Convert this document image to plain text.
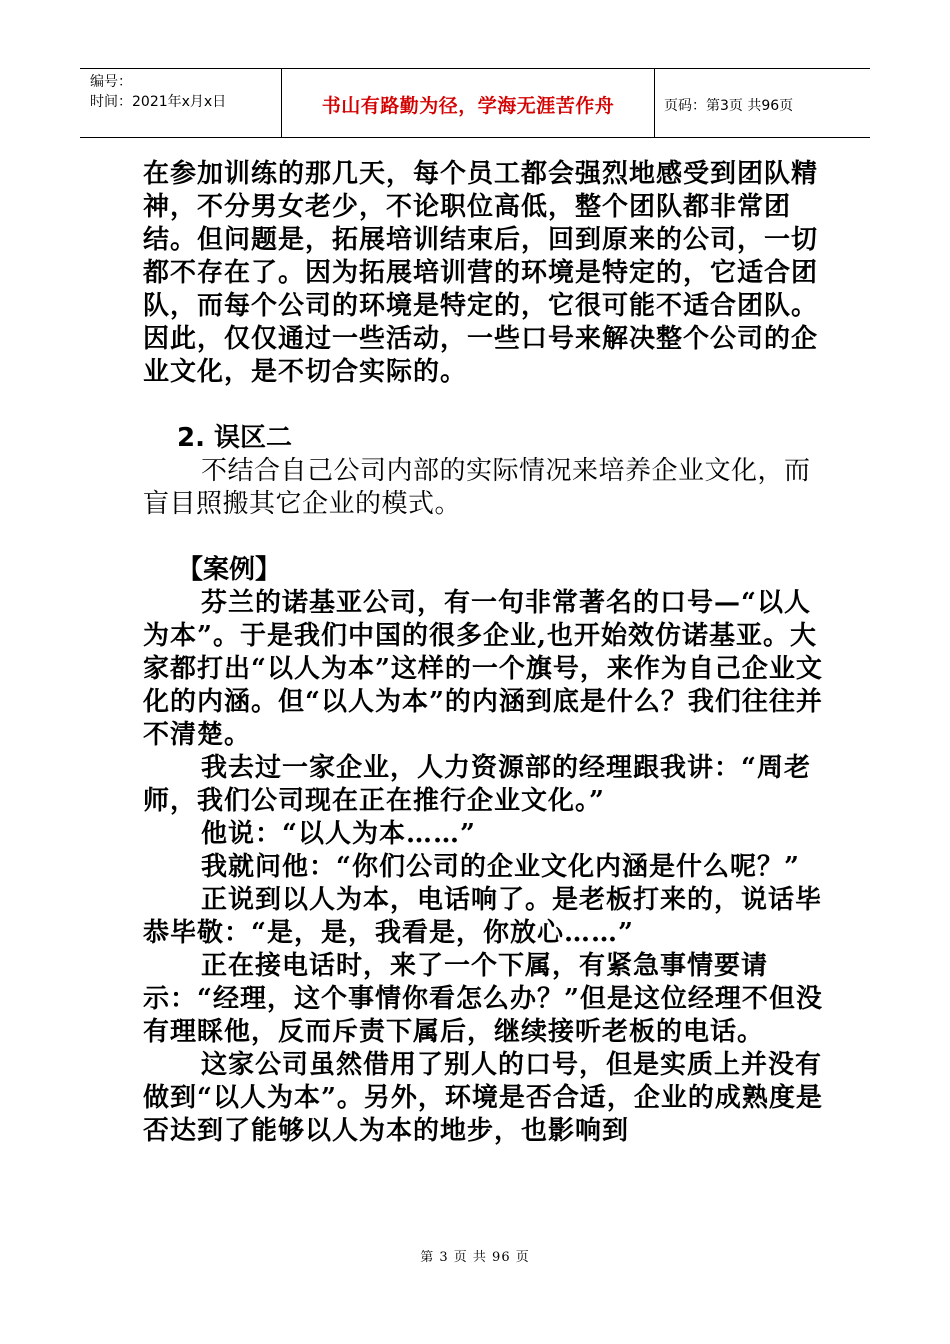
编号：
时间：2021年x月x日	书山有路勤为径，学海无涯苦作舟	页码：第3页 共96页

在参加训练的那几天，每个员工都会强烈地感受到团队精神，不分男女老少，不论职位高低，整个团队都非常团结。但问题是，拓展培训结束后，回到原来的公司，一切都不存在了。因为拓展培训营的环境是特定的，它适合团队，而每个公司的环境是特定的，它很可能不适合团队。因此，仅仅通过一些活动，一些口号来解决整个公司的企业文化，是不切合实际的。

2. 误区二

不结合自己公司内部的实际情况来培养企业文化，而盲目照搬其它企业的模式。

【案例】

芬兰的诺基亚公司，有一句非常著名的口号—“以人为本”。于是我们中国的很多企业,也开始效仿诺基亚。大家都打出“以人为本”这样的一个旗号，来作为自己企业文化的内涵。但“以人为本”的内涵到底是什么？我们往往并不清楚。

我去过一家企业，人力资源部的经理跟我讲：“周老师，我们公司现在正在推行企业文化。”

他说：“以人为本……”

我就问他：“你们公司的企业文化内涵是什么呢？”

正说到以人为本，电话响了。是老板打来的，说话毕恭毕敬：“是，是，我看是，你放心……”

正在接电话时，来了一个下属，有紧急事情要请示：“经理，这个事情你看怎么办？”但是这位经理不但没有理睬他，反而斥责下属后，继续接听老板的电话。

这家公司虽然借用了别人的口号，但是实质上并没有做到“以人为本”。另外，环境是否合适，企业的成熟度是否达到了能够以人为本的地步，也影响到

第 3 页 共 96 页
